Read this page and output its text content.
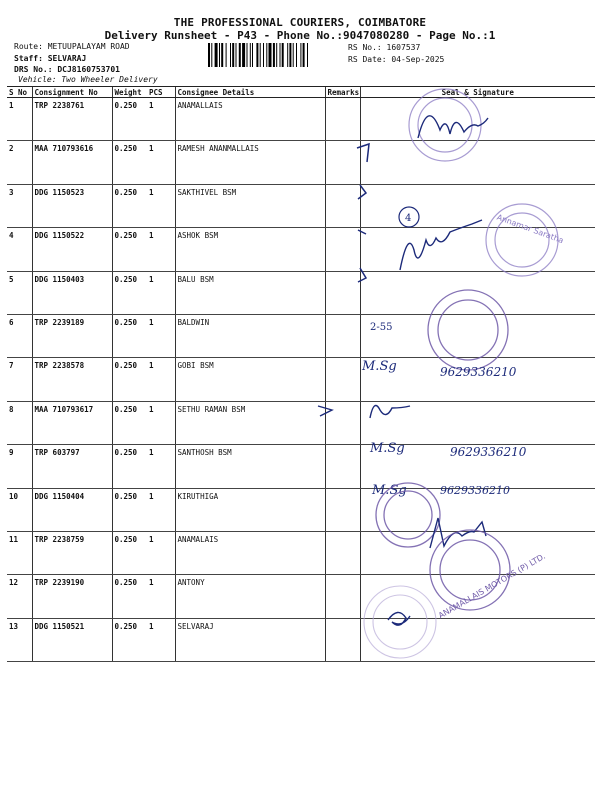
THE PROFESSIONAL COURIERS, COIMBATORE
Delivery Runsheet - P43 - Phone No.:9047080280 - Page No.:1
Route: METUUPALAYAM ROAD
Staff: SELVARAJ
DRS No.: DCJ8160753701
Vehicle: Two Wheeler Delivery
RS No.: 1607537
RS Date: 04-Sep-2025
S No	Consignment No	Weight	PCS	Consignee Details	Remarks	Seal & Signature
1	TRP 2238761	0.250	1	ANAMALLAIS		
2	MAA 710793616	0.250	1	RAMESH ANANMALLAIS		
3	DDG 1150523	0.250	1	SAKTHIVEL BSM		
4	DDG 1150522	0.250	1	ASHOK BSM		
5	DDG 1150403	0.250	1	BALU BSM		
6	TRP 2239189	0.250	1	BALDWIN		
7	TRP 2238578	0.250	1	GOBI BSM		
8	MAA 710793617	0.250	1	SETHU RAMAN BSM		
9	TRP 603797	0.250	1	SANTHOSH BSM		
10	DDG 1150404	0.250	1	KIRUTHIGA		
11	TRP 2238759	0.250	1	ANAMALAIS		
12	TRP 2239190	0.250	1	ANTONY		
13	DDG 1150521	0.250	1	SELVARAJ		
4	Annamar Saratha
2-55
M.Sg	9629336210
M.Sg	9629336210
M.Sg	9629336210
ANAMALLAIS MOTORS (P) LTD.
